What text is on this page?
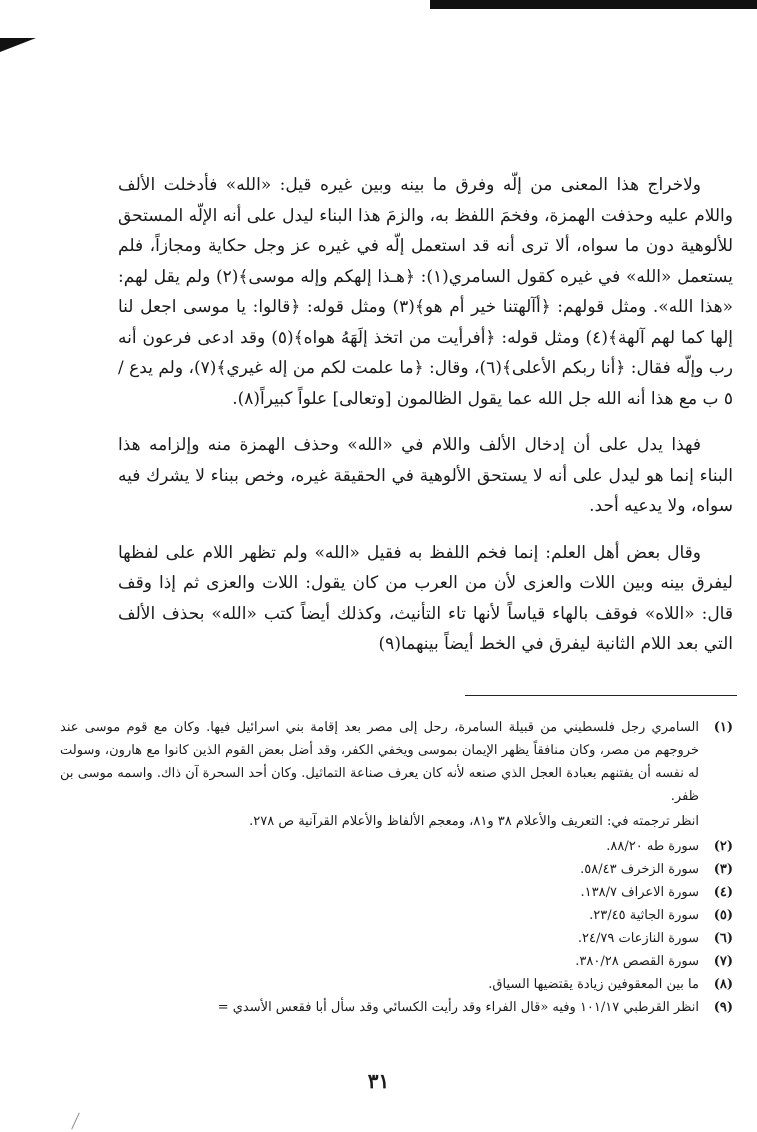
ولاخراج هذا المعنى من إلّه وفرق ما بينه وبين غيره قيل: «الله» فأدخلت الألف واللام عليه وحذفت الهمزة، وفخمَ اللفظ به، والزمَ هذا البناء ليدل على أنه الإلّه المستحق للألوهية دون ما سواه، ألا ترى أنه قد استعمل إلّه في غيره عز وجل حكاية ومجازاً، فلم يستعمل «الله» في غيره كقول السامري(١): ﴿هـذا إلهكم وإله موسى﴾(٢) ولم يقل لهم: «هذا الله». ومثل قولهم: ﴿أآلهتنا خير أم هو﴾(٣) ومثل قوله: ﴿قالوا: يا موسى اجعل لنا إلها كما لهم آلهة﴾(٤) ومثل قوله: ﴿أفرأيت من اتخذ إلَهَهُ هواه﴾(٥) وقد ادعى فرعون أنه رب وإلّه فقال: ﴿أنا ربكم الأعلى﴾(٦)، وقال: ﴿ما علمت لكم من إله غيري﴾(٧)، ولم يدع /٥ ب مع هذا أنه الله جل الله عما يقول الظالمون [وتعالى] علواً كبيراً(٨).

فهذا يدل على أن إدخال الألف واللام في «الله» وحذف الهمزة منه وإلزامه هذا البناء إنما هو ليدل على أنه لا يستحق الألوهية في الحقيقة غيره، وخص ببناء لا يشرك فيه سواه، ولا يدعيه أحد.

وقال بعض أهل العلم: إنما فخم اللفظ به فقيل «الله» ولم تظهر اللام على لفظها ليفرق بينه وبين اللات والعزى لأن من العرب من كان يقول: اللات والعزى ثم إذا وقف قال: «اللاه» فوقف بالهاء قياساً لأنها تاء التأنيث، وكذلك أيضاً كتب «الله» بحذف الألف التي بعد اللام الثانية ليفرق في الخط أيضاً بينهما(٩)

(١)
السامري رجل فلسطيني من قبيلة السامرة، رحل إلى مصر بعد إقامة بني اسرائيل فيها. وكان مع قوم موسى عند خروجهم من مصر، وكان منافقاً يظهر الإيمان بموسى ويخفي الكفر، وقد أضل بعض القوم الذين كانوا مع هارون، وسولت له نفسه أن يفتنهم بعبادة العجل الذي صنعه لأنه كان يعرف صناعة التماثيل. وكان أحد السحرة آن ذاك. واسمه موسى بن ظفر.
انظر ترجمته في: التعريف والأعلام ٣٨ و٨١، ومعجم الألفاظ والأعلام القرآنية ص ٢٧٨.
(٢)
سورة طه ٨٨/٢٠.
(٣)
سورة الزخرف ٥٨/٤٣.
(٤)
سورة الاعراف ١٣٨/٧.
(٥)
سورة الجاثية ٢٣/٤٥.
(٦)
سورة النازعات ٢٤/٧٩.
(٧)
سورة القصص ٣٨٠/٢٨.
(٨)
ما بين المعقوفين زيادة يقتضيها السياق.
(٩)
انظر القرطبي ١٠١/١٧ وفيه «قال الفراء وقد رأيت الكسائي وقد سأل أبا فقعس الأسدي =
٣١
